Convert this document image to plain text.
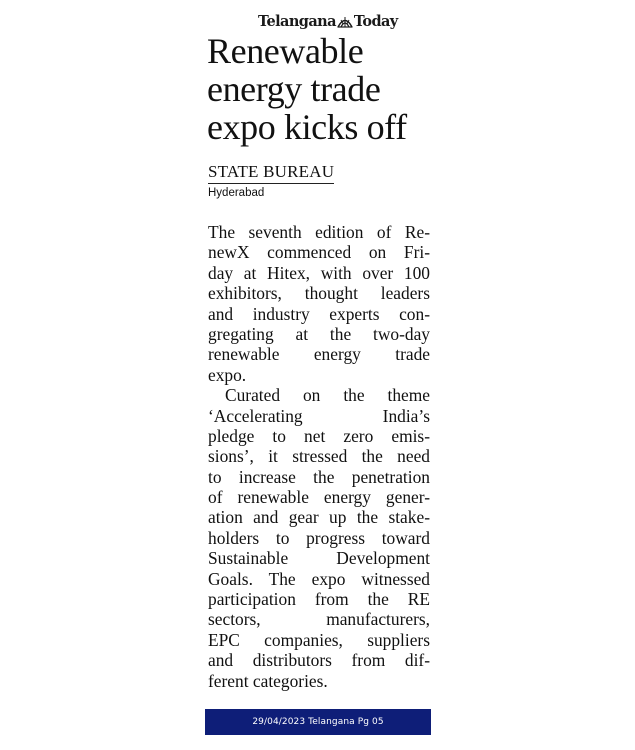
Telangana Today
Renewable
energy trade
expo kicks off
STATE BUREAU
Hyderabad
The seventh edition of Re-
newX commenced on Fri-
day at Hitex, with over 100
exhibitors, thought leaders
and industry experts con-
gregating at the two-day
renewable energy trade
expo.
Curated on the theme
‘Accelerating India’s
pledge to net zero emis-
sions’, it stressed the need
to increase the penetration
of renewable energy gener-
ation and gear up the stake-
holders to progress toward
Sustainable Development
Goals. The expo witnessed
participation from the RE
sectors, manufacturers,
EPC companies, suppliers
and distributors from dif-
ferent categories.
29/04/2023 Telangana Pg 05
